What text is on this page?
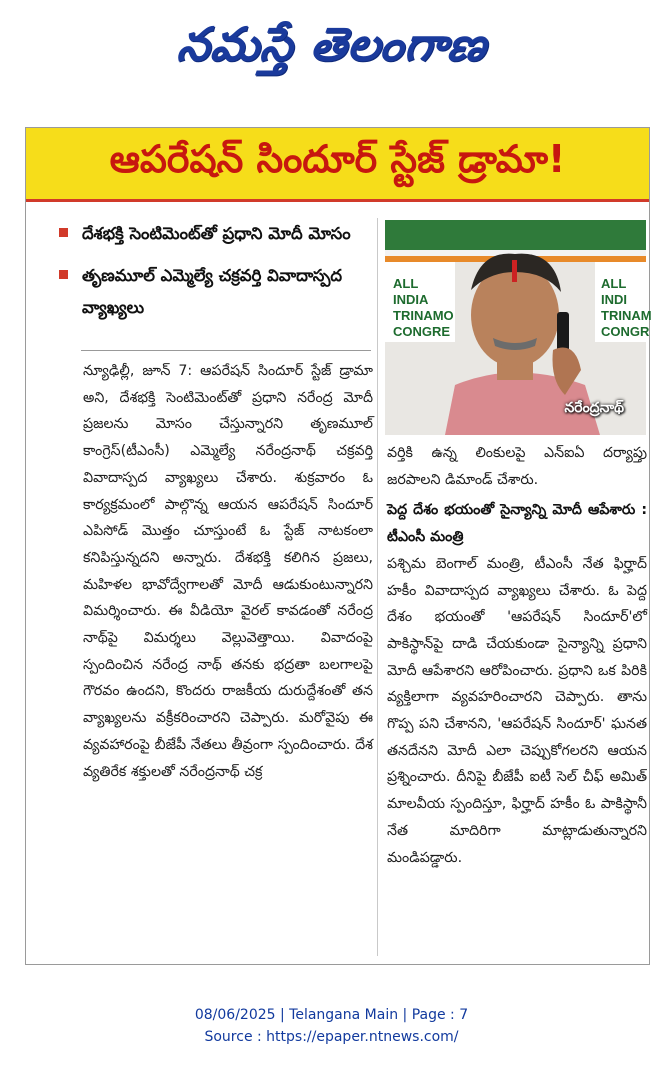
నమస్తే తెలంగాణ
ఆపరేషన్ సిందూర్ స్టేజ్ డ్రామా!
దేశభక్తి సెంటిమెంట్‌తో ప్రధాని మోదీ మోసం
తృణమూల్ ఎమ్మెల్యే చక్రవర్తి వివాదాస్పద వ్యాఖ్యలు

న్యూఢిల్లీ, జూన్ 7: ఆపరేషన్ సిందూర్ స్టేజ్ డ్రామా అని, దేశభక్తి సెంటిమెంట్‌తో ప్రధాని నరేంద్ర మోదీ ప్రజలను మోసం చేస్తున్నారని తృణమూల్ కాంగ్రెస్(టీఎంసీ) ఎమ్మెల్యే నరేంద్రనాథ్ చక్రవర్తి వివాదాస్పద వ్యాఖ్యలు చేశారు. శుక్రవారం ఓ కార్యక్రమంలో పాల్గొన్న ఆయన ఆపరేషన్ సిందూర్ ఎపిసోడ్ మొత్తం చూస్తుంటే ఓ స్టేజ్ నాటకంలా కనిపిస్తున్నదని అన్నారు. దేశభక్తి కలిగిన ప్రజలు, మహిళల భావోద్వేగాలతో మోదీ ఆడుకుంటున్నారని విమర్శించారు. ఈ వీడియో వైరల్ కావడంతో నరేంద్ర నాథ్‌పై విమర్శలు వెల్లువెత్తాయి. వివాదంపై స్పందించిన నరేంద్ర నాథ్ తనకు భద్రతా బలగాలపై గౌరవం ఉందని, కొందరు రాజకీయ దురుద్దేశంతో తన వ్యాఖ్యలను వక్రీకరించారని చెప్పారు. మరోవైపు ఈ వ్యవహారంపై బీజేపీ నేతలు తీవ్రంగా స్పందించారు. దేశ వ్యతిరేక శక్తులతో నరేంద్రనాథ్ చక్ర

ALL
INDIA
TRINAMO
CONGRE
ALL
INDI
TRINAM
CONGR
నరేంద్రనాథ్

వర్తికి ఉన్న లింకులపై ఎన్ఐఏ దర్యాప్తు జరపాలని డిమాండ్ చేశారు.

పెద్ద దేశం భయంతో సైన్యాన్ని మోదీ ఆపేశారు : టీఎంసీ మంత్రి

పశ్చిమ బెంగాల్ మంత్రి, టీఎంసీ నేత ఫిర్హాద్ హకీం వివాదాస్పద వ్యాఖ్యలు చేశారు. ఓ పెద్ద దేశం భయంతో 'ఆపరేషన్ సిందూర్'లో పాకిస్థాన్‌పై దాడి చేయకుండా సైన్యాన్ని ప్రధాని మోదీ ఆపేశారని ఆరోపించారు. ప్రధాని ఒక పిరికి వ్యక్తిలాగా వ్యవహరించారని చెప్పారు. తాను గొప్ప పని చేశానని, 'ఆపరేషన్ సిందూర్' ఘనత తనదేనని మోదీ ఎలా చెప్పుకోగలరని ఆయన ప్రశ్నించారు. దీనిపై బీజేపీ ఐటీ సెల్ చీఫ్ అమిత్ మాలవీయ స్పందిస్తూ, ఫిర్హాద్ హకీం ఓ పాకిస్థానీ నేత మాదిరిగా మాట్లాడుతున్నారని మండిపడ్డారు.

08/06/2025 | Telangana Main | Page : 7
Source : https://epaper.ntnews.com/
